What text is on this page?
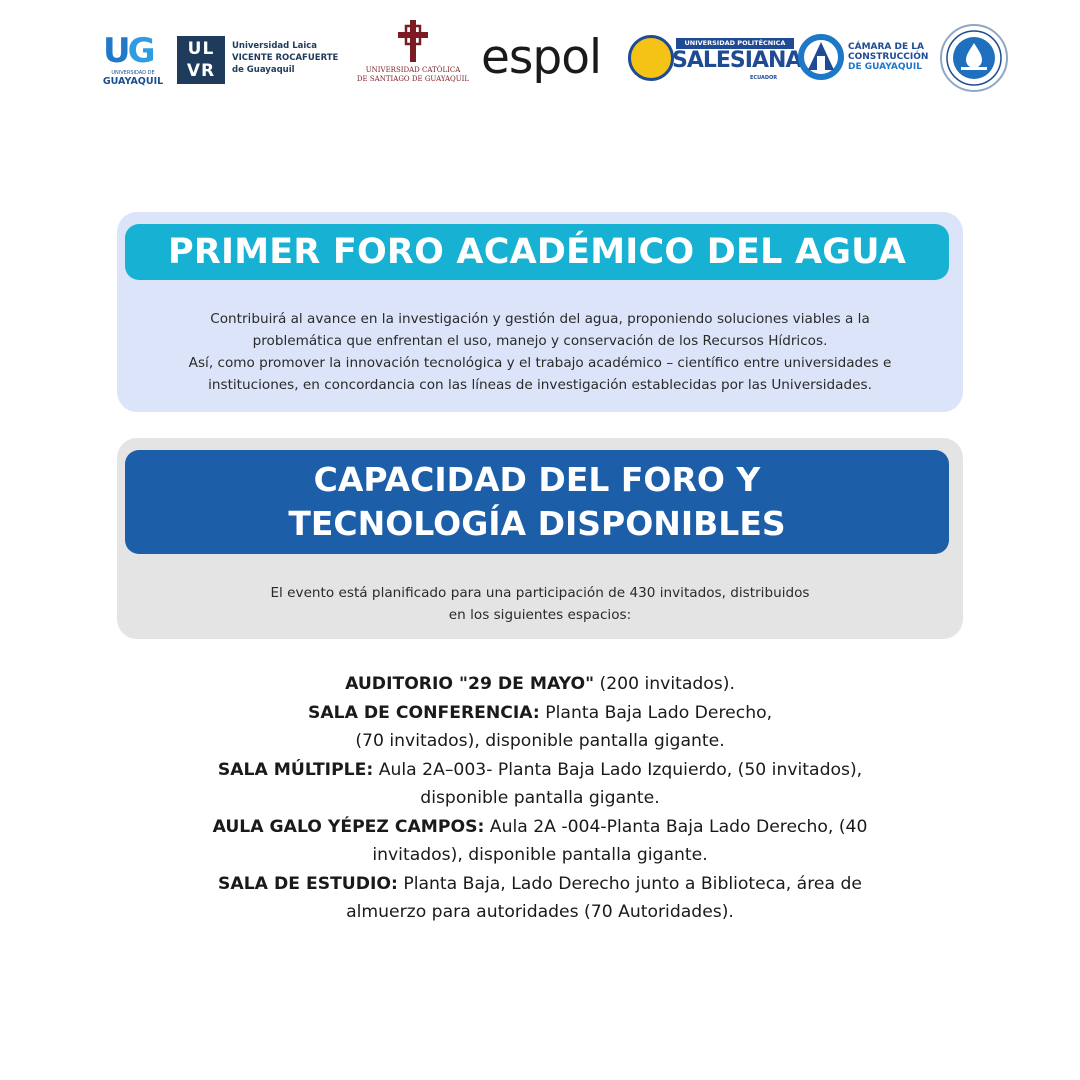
UG
UNIVERSIDAD DE
GUAYAQUIL
UL
VR
Universidad Laica
VICENTE ROCAFUERTE
de Guayaquil	UNIVERSIDAD CATÓLICA
DE SANTIAGO DE GUAYAQUIL espol	UNIVERSIDAD POLITÉCNICA
SALESIANA
ECUADOR
CÁMARA DE LA
CONSTRUCCIÓN
DE GUAYAQUIL
PRIMER FORO ACADÉMICO DEL AGUA
Contribuirá al avance en la investigación y gestión del agua, proponiendo soluciones viables a la
problemática que enfrentan el uso, manejo y conservación de los Recursos Hídricos.
Así, como promover la innovación tecnológica y el trabajo académico – científico entre universidades e
instituciones, en concordancia con las líneas de investigación establecidas por las Universidades.
CAPACIDAD DEL FORO Y
TECNOLOGÍA DISPONIBLES
El evento está planificado para una participación de 430 invitados, distribuidos
en los siguientes espacios:

AUDITORIO "29 DE MAYO" (200 invitados).

SALA DE CONFERENCIA: Planta Baja Lado Derecho,

(70 invitados), disponible pantalla gigante.

SALA MÚLTIPLE: Aula 2A–003- Planta Baja Lado Izquierdo, (50 invitados),

disponible pantalla gigante.

AULA GALO YÉPEZ CAMPOS: Aula 2A -004-Planta Baja Lado Derecho, (40

invitados), disponible pantalla gigante.

SALA DE ESTUDIO: Planta Baja, Lado Derecho junto a Biblioteca, área de

almuerzo para autoridades (70 Autoridades).
